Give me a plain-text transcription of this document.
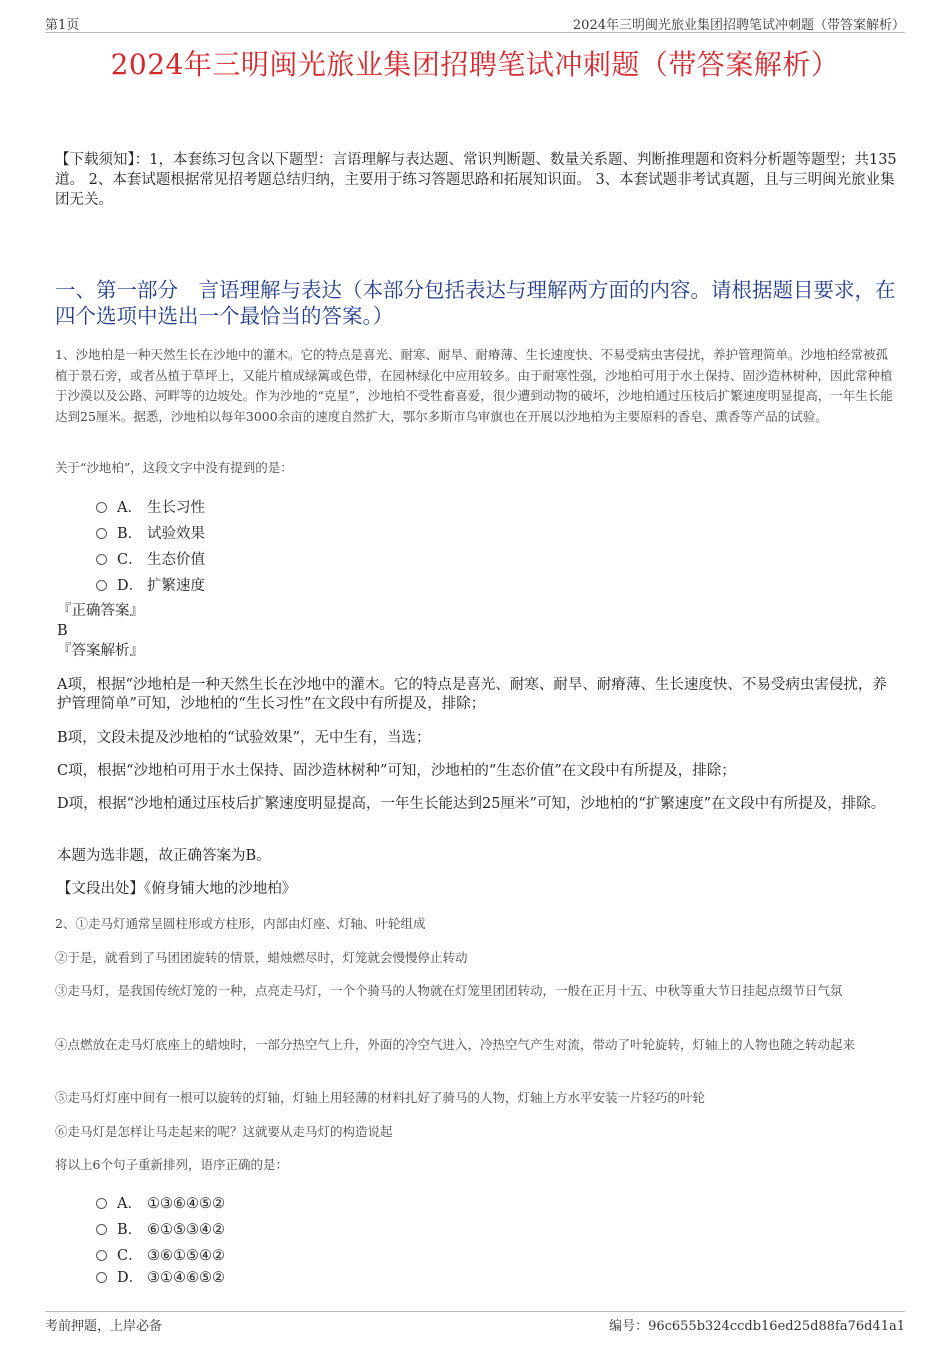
第1页	2024年三明闽光旅业集团招聘笔试冲刺题（带答案解析）
2024年三明闽光旅业集团招聘笔试冲刺题（带答案解析）
【下载须知】：1，本套练习包含以下题型：言语理解与表达题、常识判断题、数量关系题、判断推理题和资料分析题等题型；共135道。 2、本套试题根据常见招考题总结归纳，主要用于练习答题思路和拓展知识面。 3、本套试题非考试真题，且与三明闽光旅业集团无关。
一、第一部分　言语理解与表达（本部分包括表达与理解两方面的内容。请根据题目要求，在四个选项中选出一个最恰当的答案。）
1、沙地柏是一种天然生长在沙地中的灌木。它的特点是喜光、耐寒、耐旱、耐瘠薄、生长速度快、不易受病虫害侵扰，养护管理简单。沙地柏经常被孤植于景石旁，或者丛植于草坪上，又能片植成绿篱或色带，在园林绿化中应用较多。由于耐寒性强，沙地柏可用于水土保持、固沙造林树种，因此常种植于沙漠以及公路、河畔等的边坡处。作为沙地的“克星”，沙地柏不受牲畜喜爱，很少遭到动物的破坏，沙地柏通过压枝后扩繁速度明显提高，一年生长能达到25厘米。据悉，沙地柏以每年3000余亩的速度自然扩大，鄂尔多斯市乌审旗也在开展以沙地柏为主要原料的香皂、熏香等产品的试验。
关于“沙地柏”，这段文字中没有提到的是：
A． 生长习性
B． 试验效果
C． 生态价值
D． 扩繁速度
『正确答案』
B
『答案解析』
A项，根据“沙地柏是一种天然生长在沙地中的灌木。它的特点是喜光、耐寒、耐旱、耐瘠薄、生长速度快、不易受病虫害侵扰，养护管理简单”可知，沙地柏的“生长习性”在文段中有所提及，排除；
B项，文段未提及沙地柏的“试验效果”，无中生有，当选；
C项，根据“沙地柏可用于水土保持、固沙造林树种”可知，沙地柏的“生态价值”在文段中有所提及，排除；
D项，根据“沙地柏通过压枝后扩繁速度明显提高，一年生长能达到25厘米”可知，沙地柏的“扩繁速度”在文段中有所提及，排除。
本题为选非题，故正确答案为B。
【文段出处】《俯身铺大地的沙地柏》
2、①走马灯通常呈圆柱形或方柱形，内部由灯座、灯轴、叶轮组成
②于是，就看到了马团团旋转的情景，蜡烛燃尽时，灯笼就会慢慢停止转动
③走马灯，是我国传统灯笼的一种，点亮走马灯，一个个骑马的人物就在灯笼里团团转动，一般在正月十五、中秋等重大节日挂起点缀节日气氛
④点燃放在走马灯底座上的蜡烛时，一部分热空气上升，外面的冷空气进入，冷热空气产生对流，带动了叶轮旋转，灯轴上的人物也随之转动起来
⑤走马灯灯座中间有一根可以旋转的灯轴，灯轴上用轻薄的材料扎好了骑马的人物，灯轴上方水平安装一片轻巧的叶轮
⑥走马灯是怎样让马走起来的呢？这就要从走马灯的构造说起
将以上6个句子重新排列，语序正确的是：
A． ①③⑥④⑤②
B． ⑥①⑤③④②
C． ③⑥①⑤④②
D． ③①④⑥⑤②
考前押题，上岸必备	编号：96c655b324ccdb16ed25d88fa76d41a1
